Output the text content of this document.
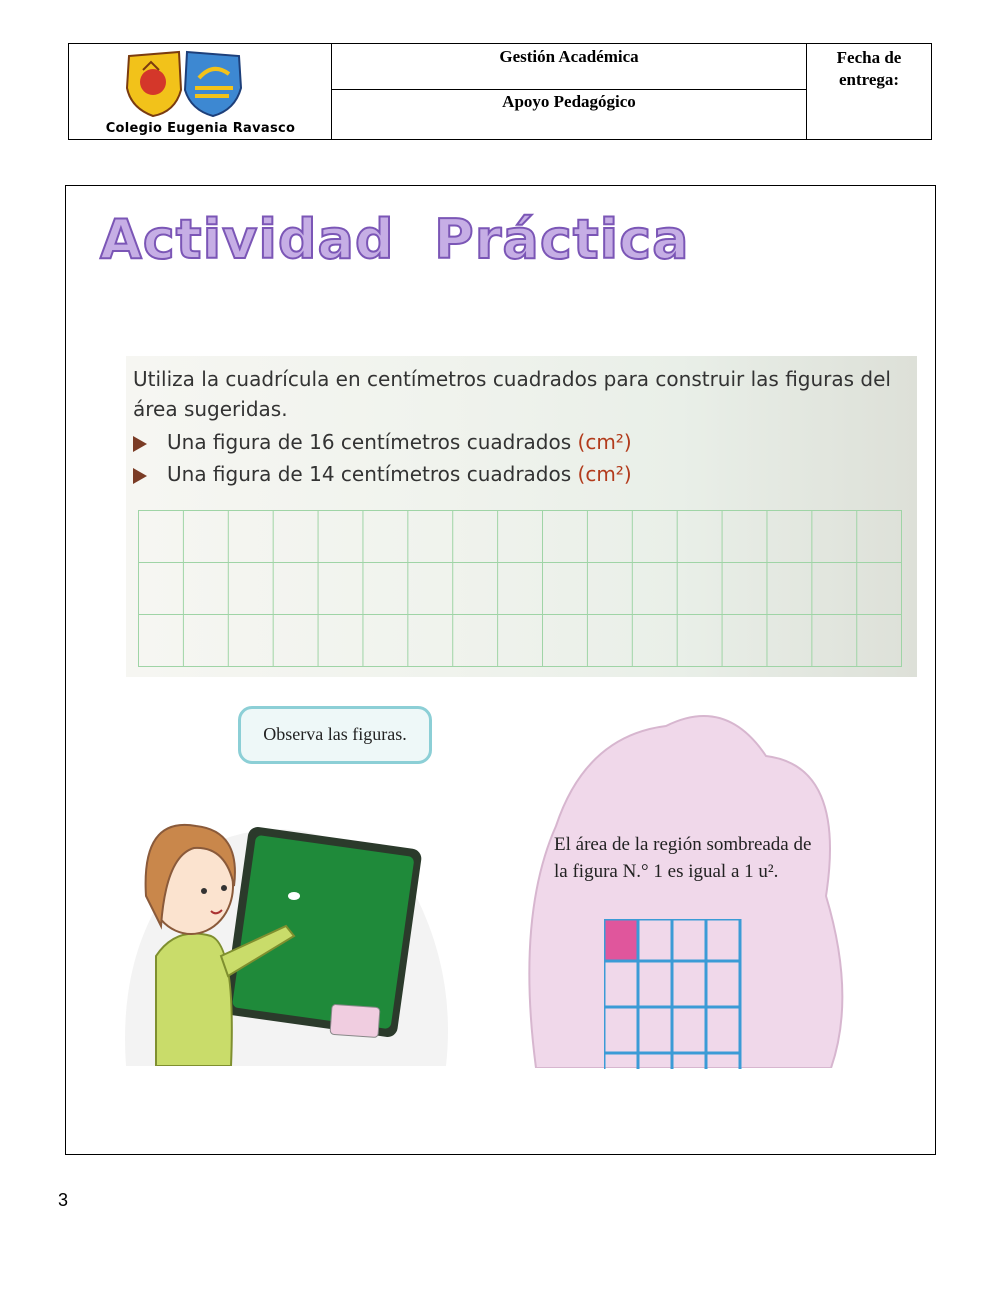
Colegio Eugenia Ravasco
Gestión Académica
Apoyo Pedagógico
Fecha de entrega:
Actividad  Práctica
Utiliza la cuadrícula en centímetros cuadrados para construir las figuras del área sugeridas.
Una figura de 16 centímetros cuadrados (cm²)
Una figura de 14 centímetros cuadrados (cm²)
Observa las figuras.
El área de la región sombreada de la figura N.° 1 es igual a 1 u².
3
